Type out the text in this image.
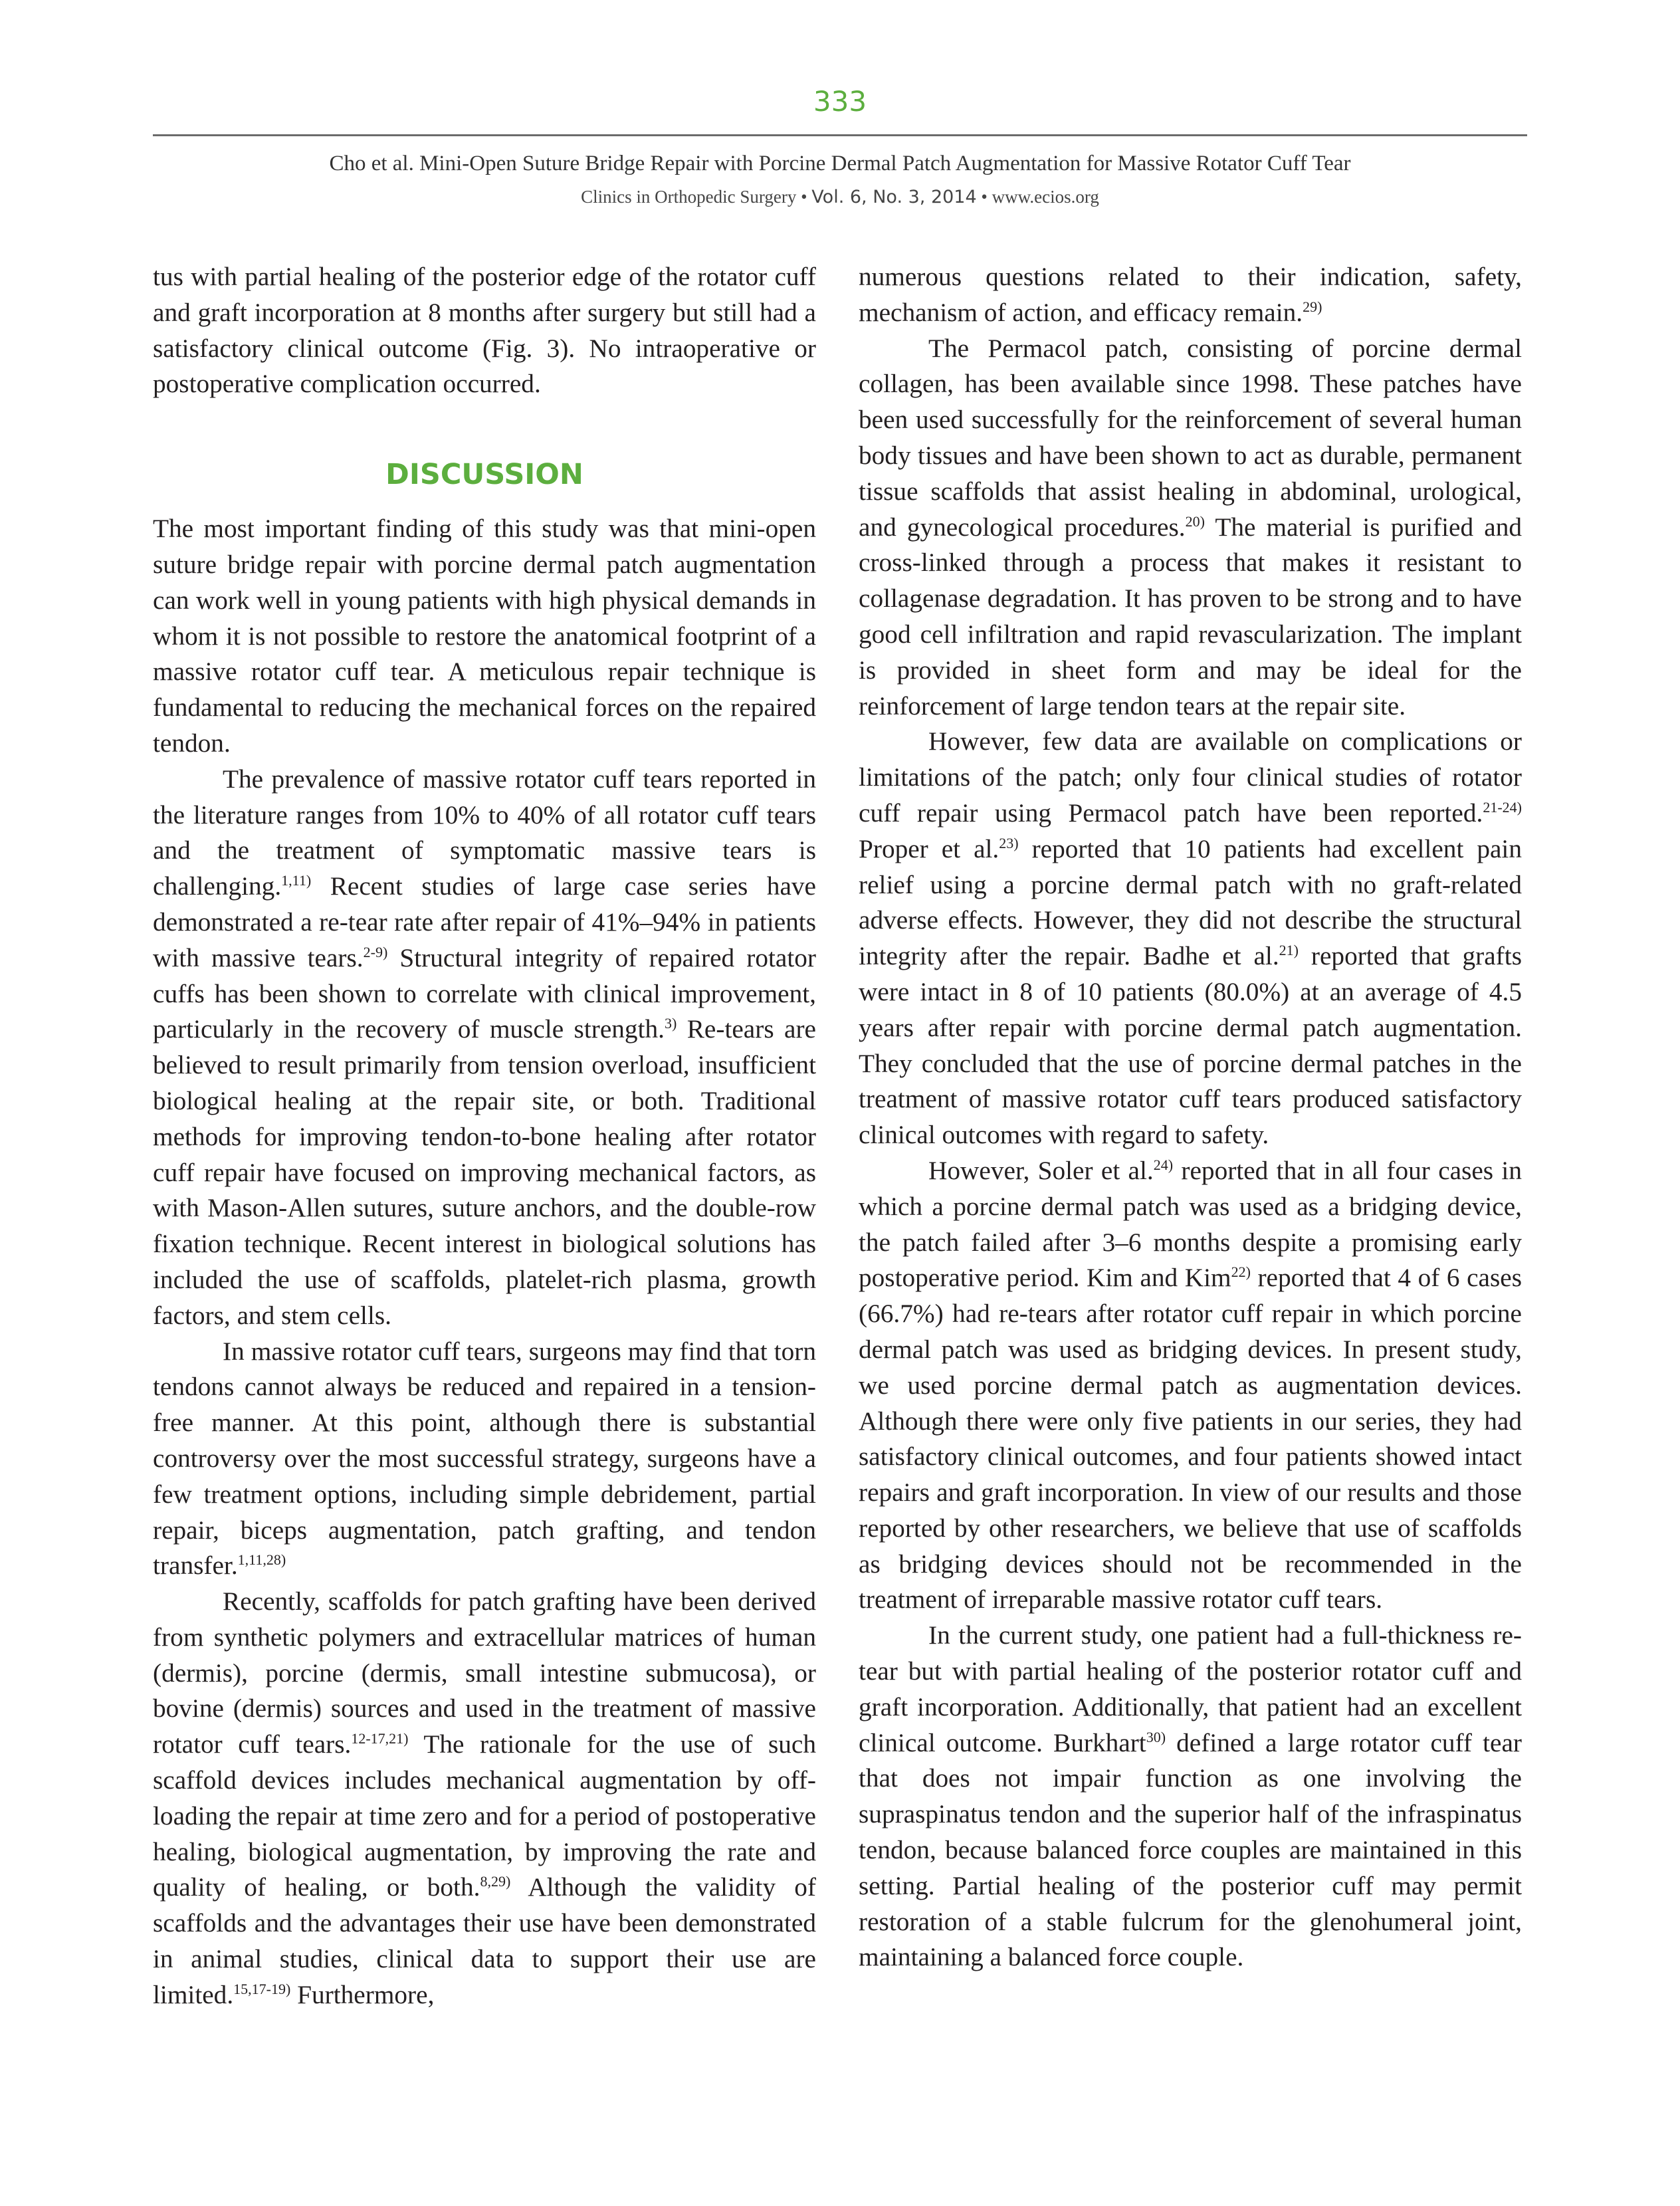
333
Cho et al. Mini-Open Suture Bridge Repair with Porcine Dermal Patch Augmentation for Massive Rotator Cuff Tear
Clinics in Orthopedic Surgery • Vol. 6, No. 3, 2014 • www.ecios.org

tus with partial healing of the posterior edge of the rotator cuff and graft incorporation at 8 months after surgery but still had a satisfactory clinical outcome (Fig. 3). No intraoperative or postoperative complication occurred.

DISCUSSION

The most important finding of this study was that mini-open suture bridge repair with porcine dermal patch augmentation can work well in young patients with high physical demands in whom it is not possible to restore the anatomical footprint of a massive rotator cuff tear. A meticulous repair technique is fundamental to reducing the mechanical forces on the repaired tendon.

The prevalence of massive rotator cuff tears reported in the literature ranges from 10% to 40% of all rotator cuff tears and the treatment of symptomatic massive tears is challenging.$^{1,11)}$ Recent studies of large case series have demonstrated a re-tear rate after repair of 41%–94% in patients with massive tears.$^{2-9)}$ Structural integrity of repaired rotator cuffs has been shown to correlate with clinical improvement, particularly in the recovery of muscle strength.$^{3)}$ Re-tears are believed to result primarily from tension overload, insufficient biological healing at the repair site, or both. Traditional methods for improving tendon-to-bone healing after rotator cuff repair have focused on improving mechanical factors, as with Mason-Allen sutures, suture anchors, and the double-row fixation technique. Recent interest in biological solutions has included the use of scaffolds, platelet-rich plasma, growth factors, and stem cells.

In massive rotator cuff tears, surgeons may find that torn tendons cannot always be reduced and repaired in a tension-free manner. At this point, although there is substantial controversy over the most successful strategy, surgeons have a few treatment options, including simple debridement, partial repair, biceps augmentation, patch grafting, and tendon transfer.$^{1,11,28)}$

Recently, scaffolds for patch grafting have been derived from synthetic polymers and extracellular matrices of human (dermis), porcine (dermis, small intestine submucosa), or bovine (dermis) sources and used in the treatment of massive rotator cuff tears.$^{12-17,21)}$ The rationale for the use of such scaffold devices includes mechanical augmentation by off-loading the repair at time zero and for a period of postoperative healing, biological augmentation, by improving the rate and quality of healing, or both.$^{8,29)}$ Although the validity of scaffolds and the advantages their use have been demonstrated in animal studies, clinical data to support their use are limited.$^{15,17-19)}$ Furthermore,

numerous questions related to their indication, safety, mechanism of action, and efficacy remain.$^{29)}$

The Permacol patch, consisting of porcine dermal collagen, has been available since 1998. These patches have been used successfully for the reinforcement of several human body tissues and have been shown to act as durable, permanent tissue scaffolds that assist healing in abdominal, urological, and gynecological procedures.$^{20)}$ The material is purified and cross-linked through a process that makes it resistant to collagenase degradation. It has proven to be strong and to have good cell infiltration and rapid revascularization. The implant is provided in sheet form and may be ideal for the reinforcement of large tendon tears at the repair site.

However, few data are available on complications or limitations of the patch; only four clinical studies of rotator cuff repair using Permacol patch have been reported.$^{21-24)}$ Proper et al.$^{23)}$ reported that 10 patients had excellent pain relief using a porcine dermal patch with no graft-related adverse effects. However, they did not describe the structural integrity after the repair. Badhe et al.$^{21)}$ reported that grafts were intact in 8 of 10 patients (80.0%) at an average of 4.5 years after repair with porcine dermal patch augmentation. They concluded that the use of porcine dermal patches in the treatment of massive rotator cuff tears produced satisfactory clinical outcomes with regard to safety.

However, Soler et al.$^{24)}$ reported that in all four cases in which a porcine dermal patch was used as a bridging device, the patch failed after 3–6 months despite a promising early postoperative period. Kim and Kim$^{22)}$ reported that 4 of 6 cases (66.7%) had re-tears after rotator cuff repair in which porcine dermal patch was used as bridging devices. In present study, we used porcine dermal patch as augmentation devices. Although there were only five patients in our series, they had satisfactory clinical outcomes, and four patients showed intact repairs and graft incorporation. In view of our results and those reported by other researchers, we believe that use of scaffolds as bridging devices should not be recommended in the treatment of irreparable massive rotator cuff tears.

In the current study, one patient had a full-thickness re-tear but with partial healing of the posterior rotator cuff and graft incorporation. Additionally, that patient had an excellent clinical outcome. Burkhart$^{30)}$ defined a large rotator cuff tear that does not impair function as one involving the supraspinatus tendon and the superior half of the infraspinatus tendon, because balanced force couples are maintained in this setting. Partial healing of the posterior cuff may permit restoration of a stable fulcrum for the glenohumeral joint, maintaining a balanced force couple.
